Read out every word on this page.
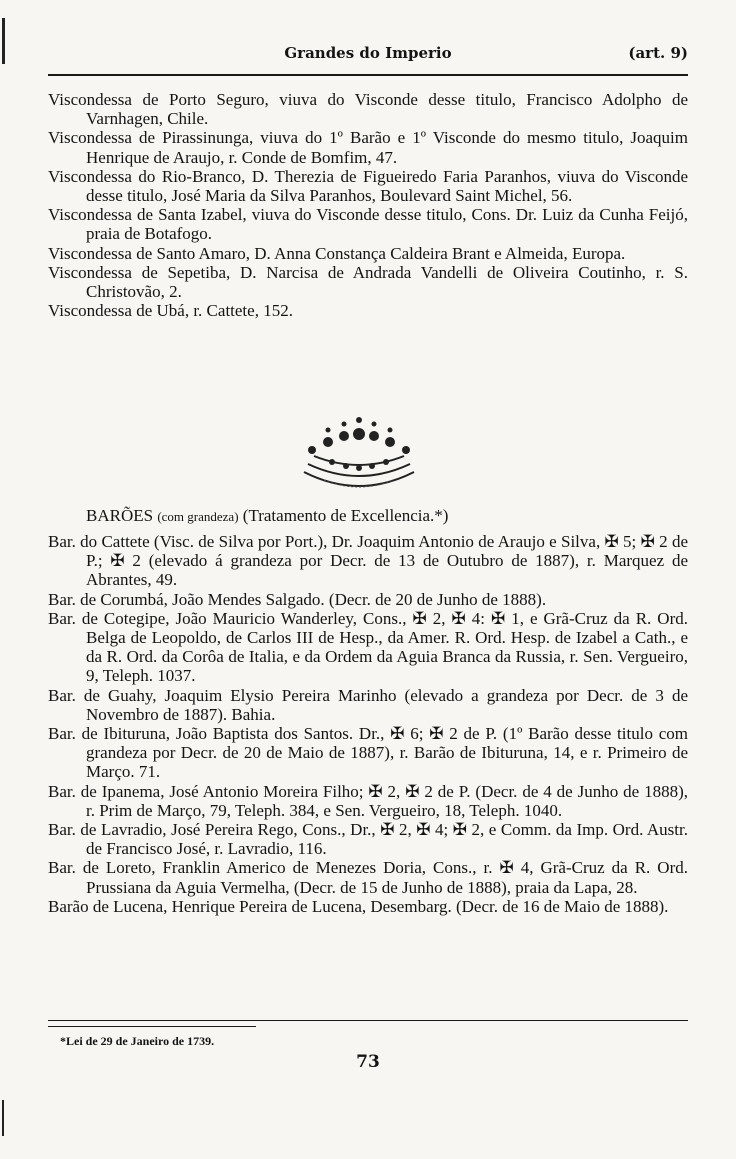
Grandes do Imperio	(art. 9)

Viscondessa de Porto Seguro, viuva do Visconde desse titulo, Francisco Adolpho de Varnhagen, Chile.

Viscondessa de Pirassinunga, viuva do 1º Barão e 1º Visconde do mesmo titulo, Joaquim Henrique de Araujo, r. Conde de Bomfim, 47.

Viscondessa do Rio-Branco, D. Therezia de Figueiredo Faria Paranhos, viuva do Visconde desse titulo, José Maria da Silva Paranhos, Boulevard Saint Michel, 56.

Viscondessa de Santa Izabel, viuva do Visconde desse titulo, Cons. Dr. Luiz da Cunha Feijó, praia de Botafogo.

Viscondessa de Santo Amaro, D. Anna Constança Caldeira Brant e Almeida, Europa.

Viscondessa de Sepetiba, D. Narcisa de Andrada Vandelli de Oliveira Coutinho, r. S. Christovão, 2.

Viscondessa de Ubá, r. Cattete, 152.

BARÕES (com grandeza) (Tratamento de Excellencia.*)

Bar. do Cattete (Visc. de Silva por Port.), Dr. Joaquim Antonio de Araujo e Silva, ✠ 5; ✠ 2 de P.; ✠ 2 (elevado á grandeza por Decr. de 13 de Outubro de 1887), r. Marquez de Abrantes, 49.

Bar. de Corumbá, João Mendes Salgado. (Decr. de 20 de Junho de 1888).

Bar. de Cotegipe, João Mauricio Wanderley, Cons., ✠ 2, ✠ 4: ✠ 1, e Grã-Cruz da R. Ord. Belga de Leopoldo, de Carlos III de Hesp., da Amer. R. Ord. Hesp. de Izabel a Cath., e da R. Ord. da Corôa de Italia, e da Ordem da Aguia Branca da Russia, r. Sen. Vergueiro, 9, Teleph. 1037.

Bar. de Guahy, Joaquim Elysio Pereira Marinho (elevado a grandeza por Decr. de 3 de Novembro de 1887). Bahia.

Bar. de Ibituruna, João Baptista dos Santos. Dr., ✠ 6; ✠ 2 de P. (1º Barão desse titulo com grandeza por Decr. de 20 de Maio de 1887), r. Barão de Ibituruna, 14, e r. Primeiro de Março. 71.

Bar. de Ipanema, José Antonio Moreira Filho; ✠ 2, ✠ 2 de P. (Decr. de 4 de Junho de 1888), r. Prim de Março, 79, Teleph. 384, e Sen. Vergueiro, 18, Teleph. 1040.

Bar. de Lavradio, José Pereira Rego, Cons., Dr., ✠ 2, ✠ 4; ✠ 2, e Comm. da Imp. Ord. Austr. de Francisco José, r. Lavradio, 116.

Bar. de Loreto, Franklin Americo de Menezes Doria, Cons., r. ✠ 4, Grã-Cruz da R. Ord. Prussiana da Aguia Vermelha, (Decr. de 15 de Junho de 1888), praia da Lapa, 28.

Barão de Lucena, Henrique Pereira de Lucena, Desembarg. (Decr. de 16 de Maio de 1888).

*Lei de 29 de Janeiro de 1739.
73
